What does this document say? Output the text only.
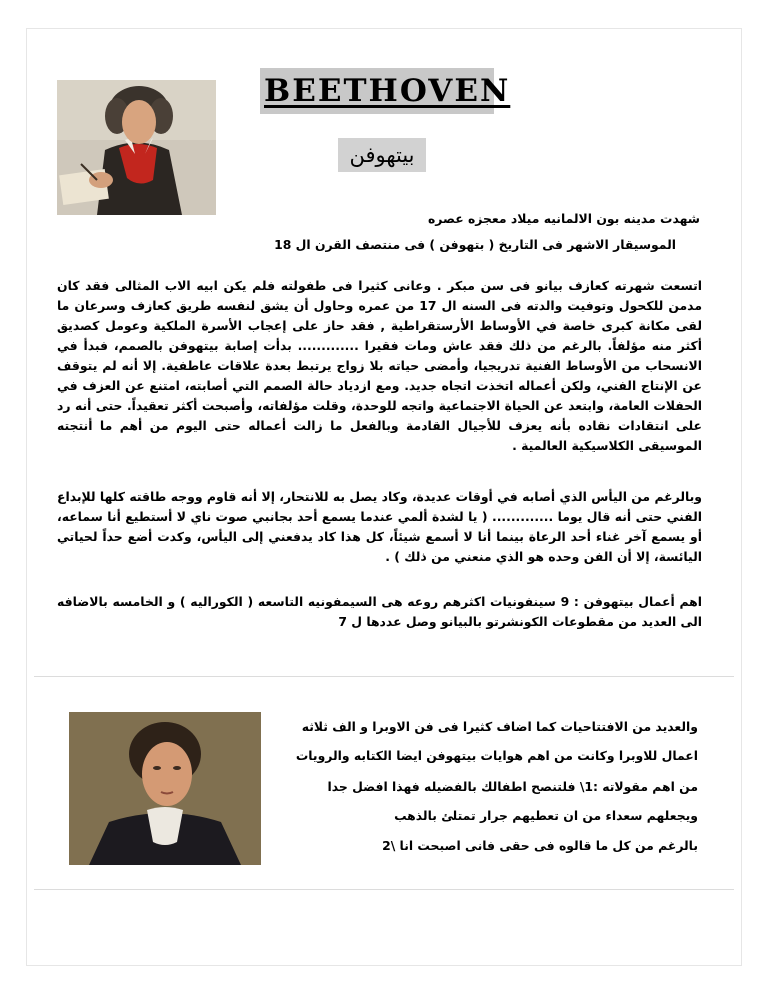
BEETHOVEN
بيتهوفن
شهدت مدينه بون الالمانيه ميلاد معجزه عصره
الموسيقار الاشهر فى التاريخ ( بتهوفن ) فى منتصف القرن ال 18
اتسعت شهرته كعازف بيانو فى سن مبكر . وعانى كثيرا فى طفولته فلم يكن ابيه الاب المثالى فقد كان مدمن للكحول وتوفيت والدته فى السنه ال 17 من عمره وحاول أن يشق لنفسه طريق كعازف وسرعان ما لقى مكانة كبرى خاصة في الأوساط الأرستقراطية , فقد حاز على إعجاب الأسرة الملكية وعومل كصديق أكثر منه مؤلفاً. بالرغم من ذلك فقد عاش ومات فقيرا ............. بدأت إصابة بيتهوفن بالصمم، فبدأ في الانسحاب من الأوساط الفنية تدريجيا، وأمضى حياته بلا زواج يرتبط بعدة علاقات عاطفية. إلا أنه لم يتوقف عن الإنتاج الفني، ولكن أعماله اتخذت اتجاه جديد. ومع ازدياد حالة الصمم التي أصابته، امتنع عن العزف في الحفلات العامة، وابتعد عن الحياة الاجتماعية واتجه للوحدة، وقلت مؤلفاته، وأصبحت أكثر تعقيداً. حتى أنه رد على انتقادات نقاده بأنه يعزف للأجيال القادمة وبالفعل ما زالت أعماله حتى اليوم من أهم ما أنتجته الموسيقى الكلاسيكية العالمية .
وبالرغم من اليأس الذي أصابه في أوقات عديدة، وكاد يصل به للانتحار، إلا أنه قاوم ووجه طاقته كلها للإبداع الفني حتى أنه قال يوما ............. ( يا لشدة ألمي عندما يسمع أحد بجانبي صوت ناي لا أستطيع أنا سماعه، أو يسمع آخر غناء أحد الرعاة بينما أنا لا أسمع شيئاً، كل هذا كاد يدفعني إلى اليأس، وكدت أضع حداً لحياتي اليائسة، إلا أن الفن وحده هو الذي منعني من ذلك ) .
اهم أعمال بيتهوفن : 9 سينفونيات اكثرهم روعه هى السيمفونيه التاسعه ( الكوراليه ) و الخامسه بالاضافه الى العديد من مقطوعات الكونشرتو بالبيانو وصل عددها ل 7
والعديد من الافتتاحيات كما اضاف كثيرا فى فن الاوبرا و الف ثلاثه
اعمال للاوبرا وكانت من اهم هوايات بيتهوفن ايضا الكتابه والرويات
من اهم مقولاته :1\ فلتنصح اطفالك بالفضيله فهذا افضل جدا
ويجعلهم سعداء من ان تعطيهم جرار تمتلئ بالذهب
بالرغم من كل ما قالوه فى حقى فانى اصبحت انا \2
